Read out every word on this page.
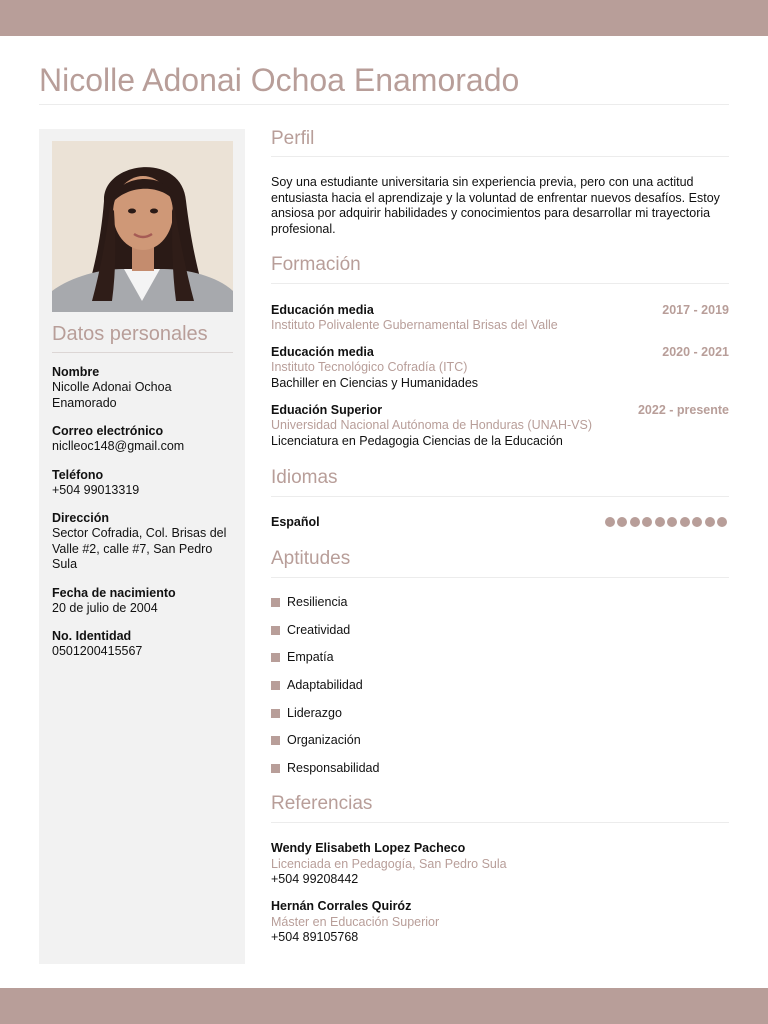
Nicolle Adonai Ochoa Enamorado
Datos personales
Nombre
Nicolle Adonai Ochoa Enamorado
Correo electrónico
niclleoc148@gmail.com
Teléfono
+504 99013319
Dirección
Sector Cofradia, Col. Brisas del Valle #2, calle #7, San Pedro Sula
Fecha de nacimiento
20 de julio de 2004
No. Identidad
0501200415567
Perfil
Soy una estudiante universitaria sin experiencia previa, pero con una actitud entusiasta hacia el aprendizaje y la voluntad de enfrentar nuevos desafíos. Estoy ansiosa por adquirir habilidades y conocimientos para desarrollar mi trayectoria profesional.
Formación
Educación media	2017 - 2019
Instituto Polivalente Gubernamental Brisas del Valle
Educación media	2020 - 2021
Instituto Tecnológico Cofradía (ITC)
Bachiller en Ciencias y Humanidades
Eduación Superior	2022 - presente
Universidad Nacional Autónoma de Honduras (UNAH-VS)
Licenciatura en Pedagogia Ciencias de la Educación
Idiomas
Español
Aptitudes
Resiliencia
Creatividad
Empatía
Adaptabilidad
Liderazgo
Organización
Responsabilidad
Referencias
Wendy Elisabeth Lopez Pacheco
Licenciada en Pedagogía, San Pedro Sula
+504 99208442
Hernán Corrales Quiróz
Máster en Educación Superior
+504 89105768
